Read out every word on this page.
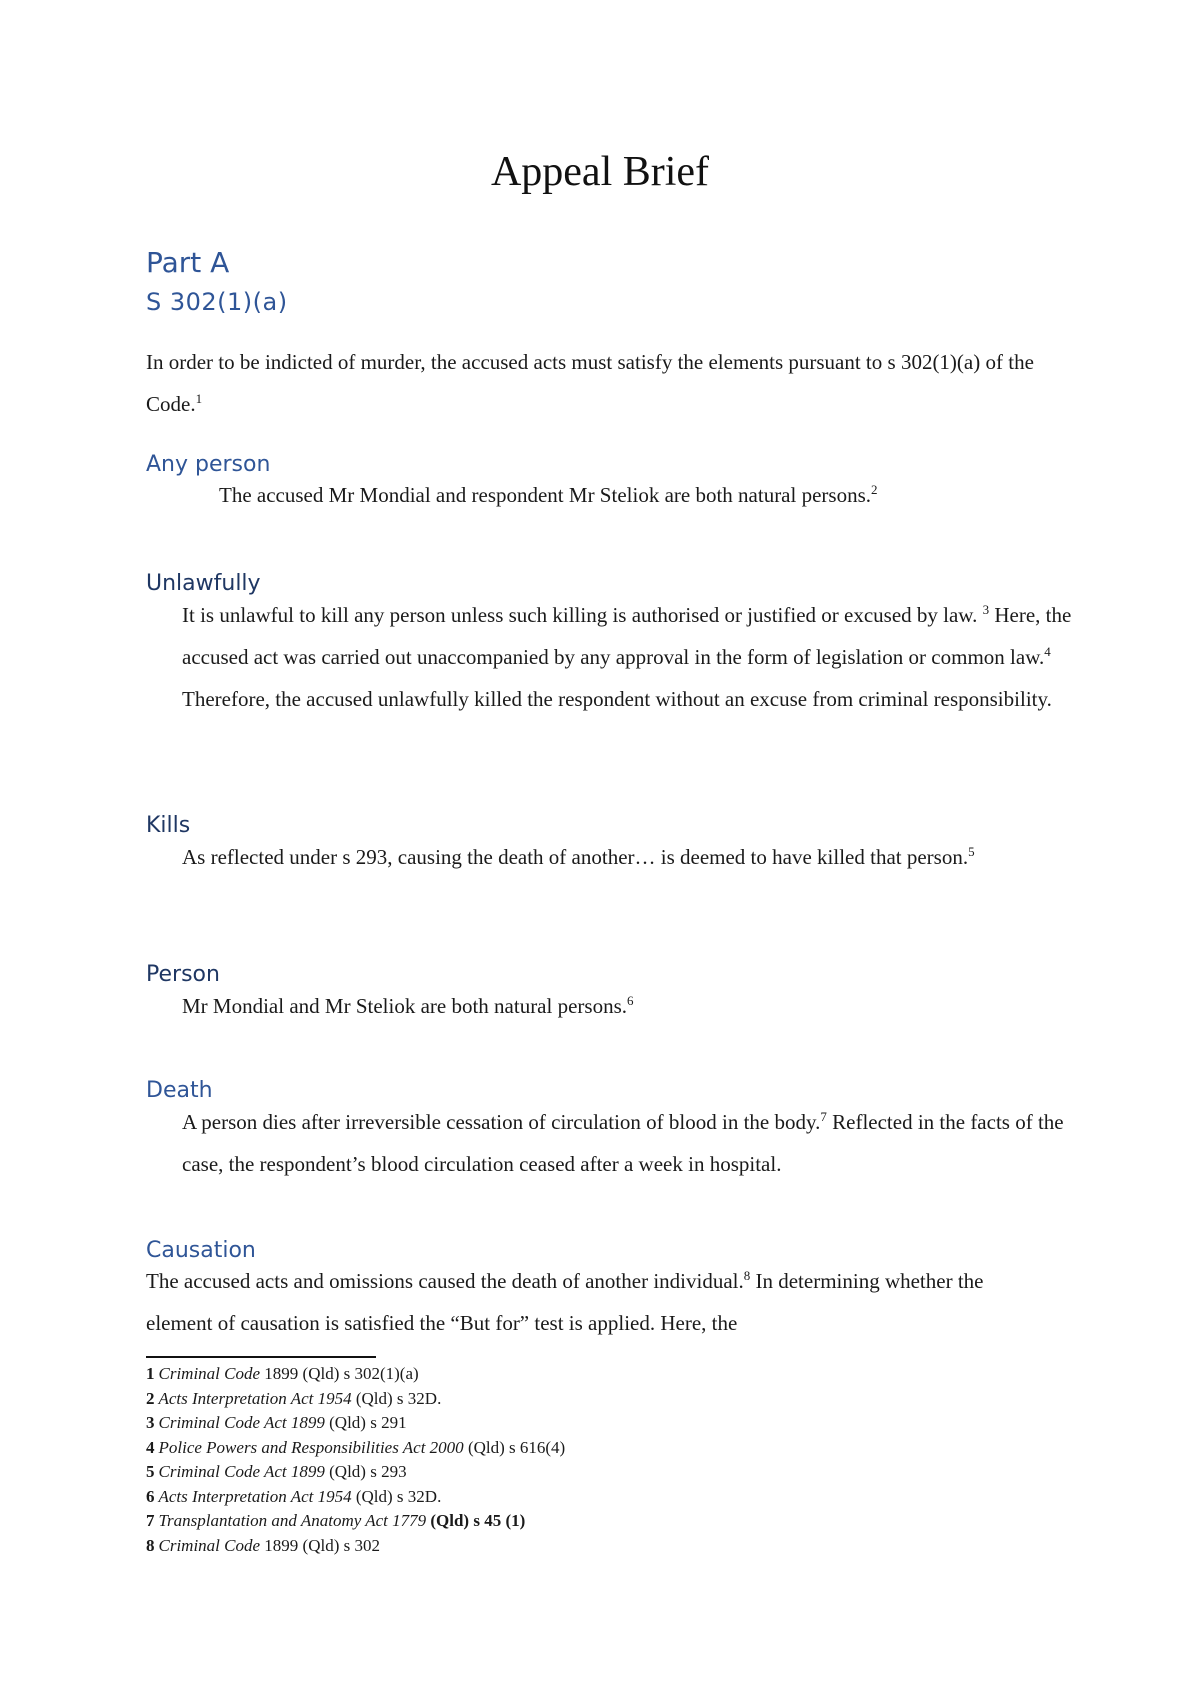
Appeal Brief
Part A
S 302(1)(a)

In order to be indicted of murder, the accused acts must satisfy the elements pursuant to s 302(1)(a) of the Code.$^1$

Any person

The accused Mr Mondial and respondent Mr Steliok are both natural persons.$^2$

Unlawfully

It is unlawful to kill any person unless such killing is authorised or justified or excused by law. $^3$ Here, the accused act was carried out unaccompanied by any approval in the form of legislation or common law.$^4$ Therefore, the accused unlawfully killed the respondent without an excuse from criminal responsibility.

Kills

As reflected under s 293, causing the death of another… is deemed to have killed that person.$^5$

Person

Mr Mondial and Mr Steliok are both natural persons.$^6$

Death

A person dies after irreversible cessation of circulation of blood in the body.$^7$ Reflected in the facts of the case, the respondent’s blood circulation ceased after a week in hospital.

Causation

The accused acts and omissions caused the death of another individual.$^8$ In determining whether the element of causation is satisfied the “But for” test is applied. Here, the

1 Criminal Code 1899 (Qld) s 302(1)(a)
2 Acts Interpretation Act 1954 (Qld) s 32D.
3 Criminal Code Act 1899 (Qld) s 291
4 Police Powers and Responsibilities Act 2000 (Qld) s 616(4)
5 Criminal Code Act 1899 (Qld) s 293
6 Acts Interpretation Act 1954 (Qld) s 32D.
7 Transplantation and Anatomy Act 1779 (Qld) s 45 (1)
8 Criminal Code 1899 (Qld) s 302
